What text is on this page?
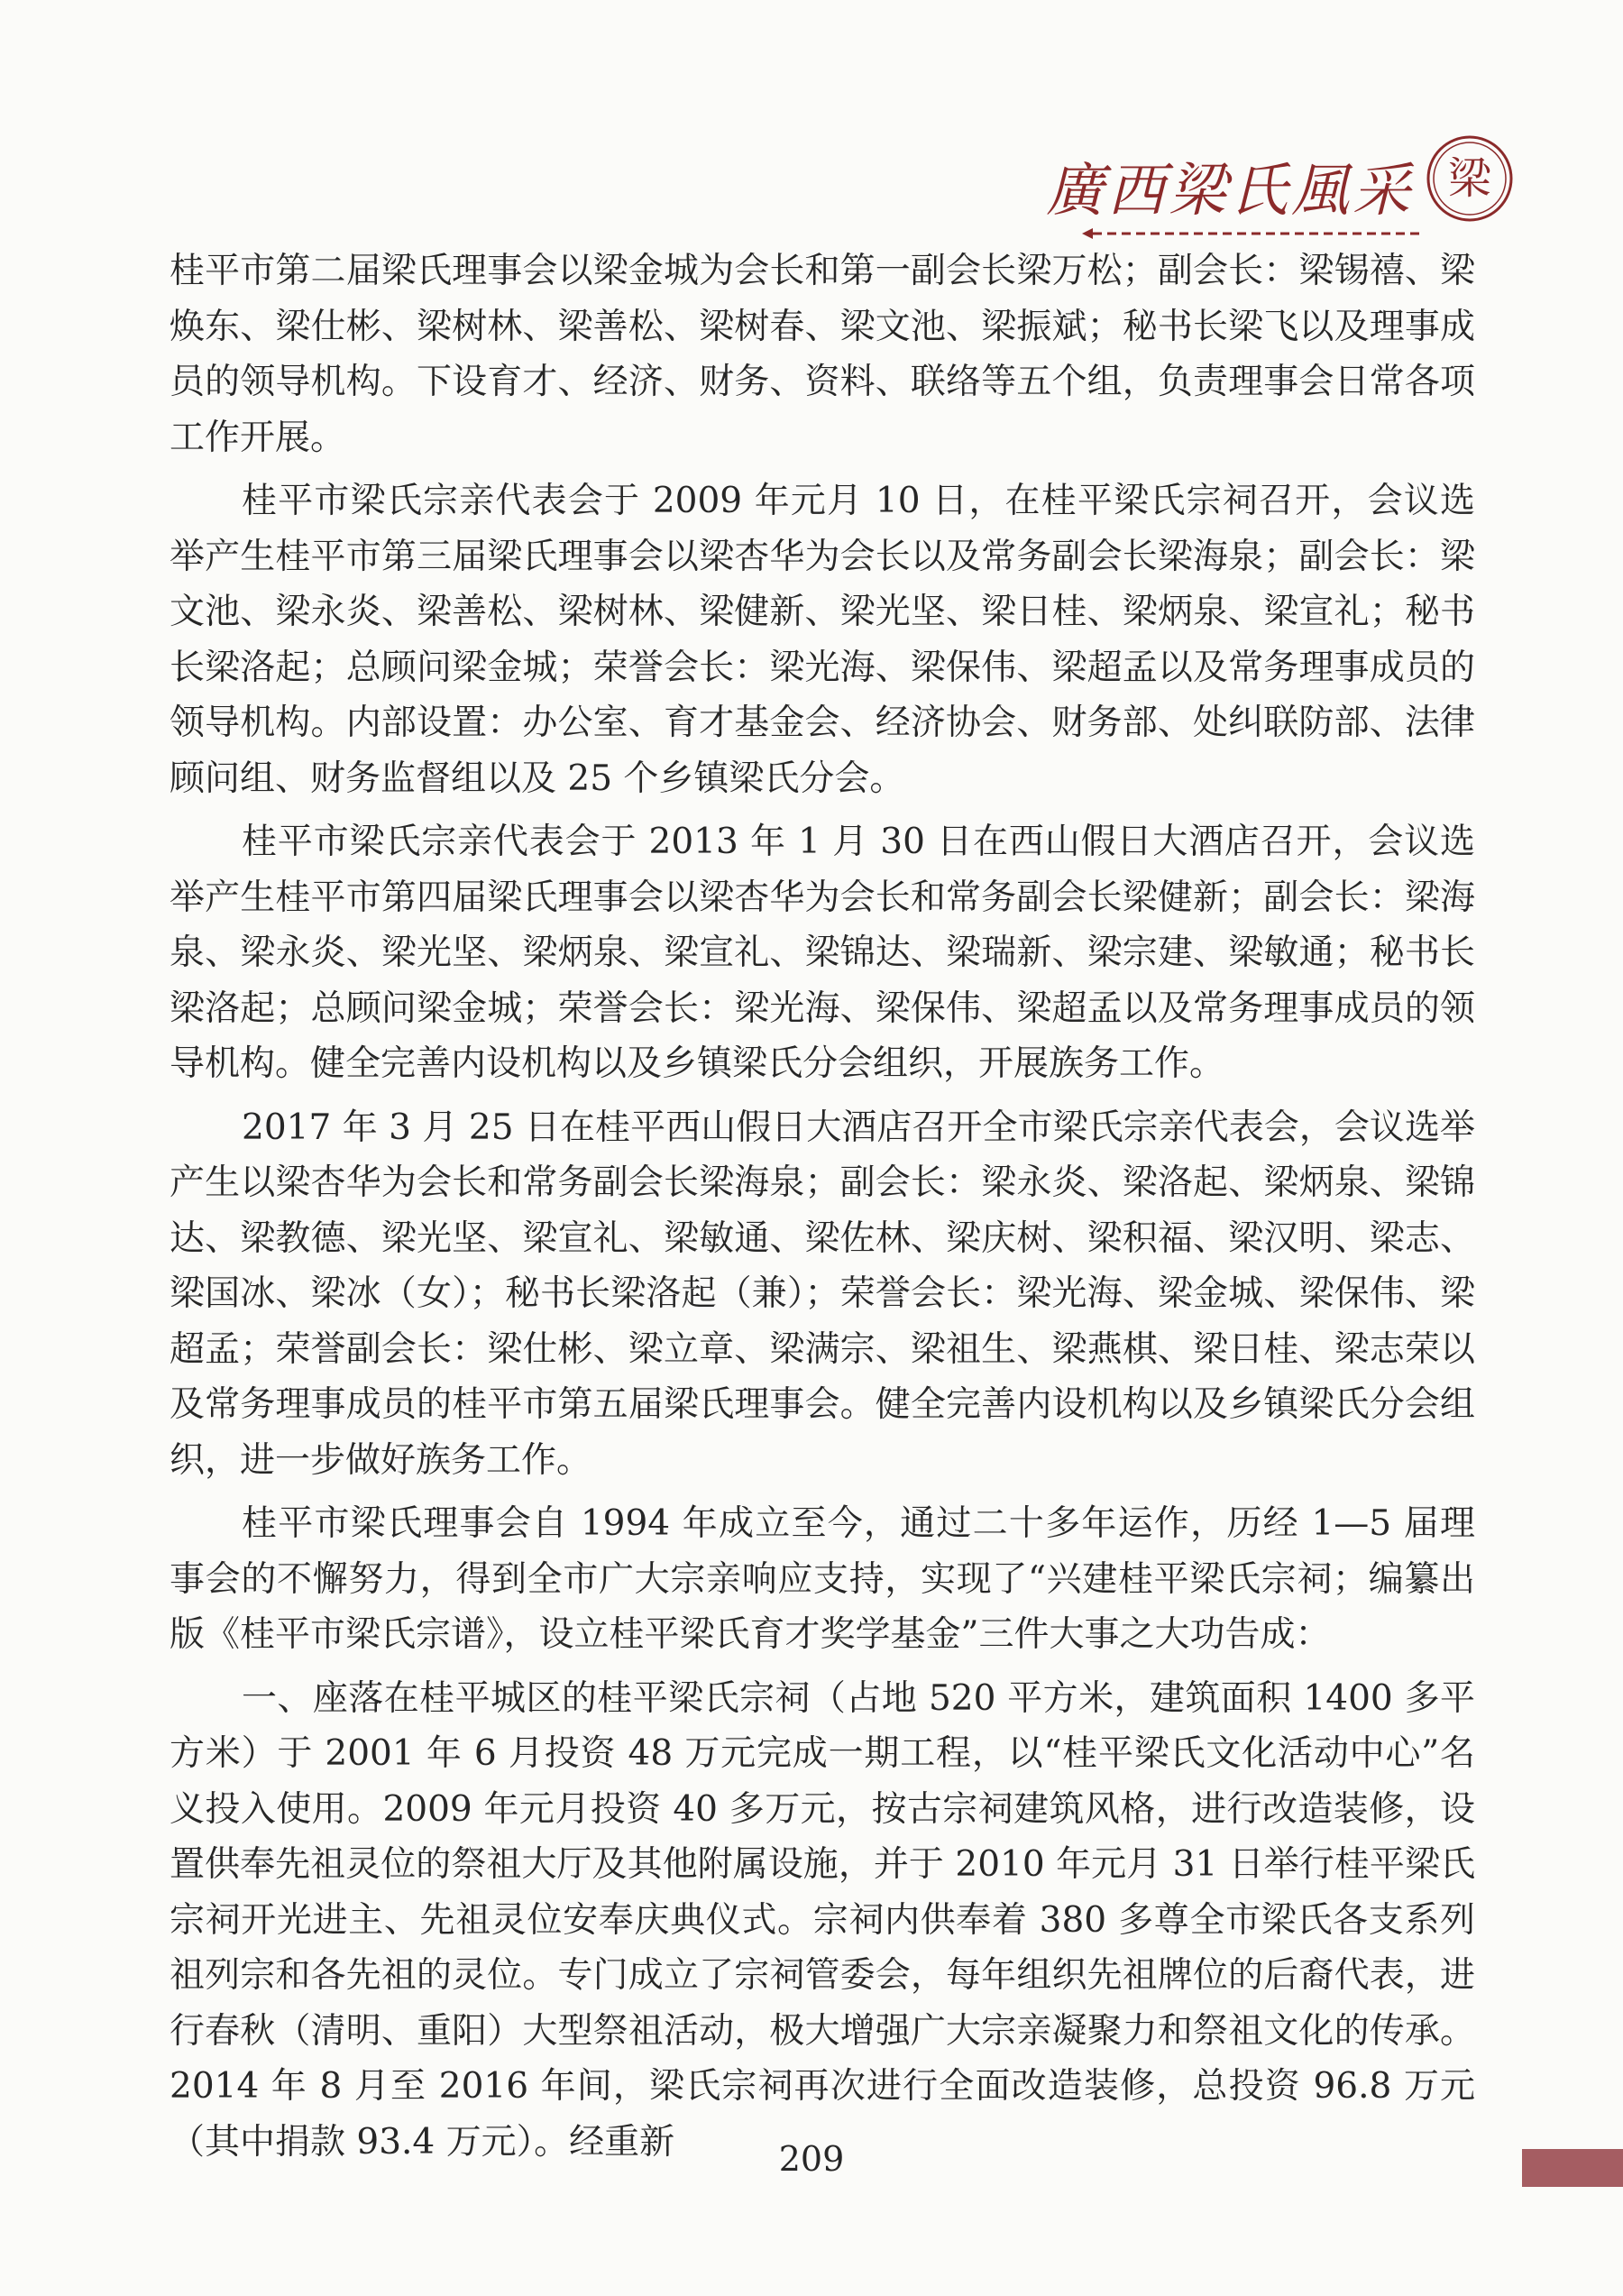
廣西梁氏風采 梁

桂平市第二届梁氏理事会以梁金城为会长和第一副会长梁万松；副会长：梁锡禧、梁焕东、梁仕彬、梁树林、梁善松、梁树春、梁文池、梁振斌；秘书长梁飞以及理事成员的领导机构。下设育才、经济、财务、资料、联络等五个组，负责理事会日常各项工作开展。

桂平市梁氏宗亲代表会于 2009 年元月 10 日，在桂平梁氏宗祠召开，会议选举产生桂平市第三届梁氏理事会以梁杏华为会长以及常务副会长梁海泉；副会长：梁文池、梁永炎、梁善松、梁树林、梁健新、梁光坚、梁日桂、梁炳泉、梁宣礼；秘书长梁洛起；总顾问梁金城；荣誉会长：梁光海、梁保伟、梁超孟以及常务理事成员的领导机构。内部设置：办公室、育才基金会、经济协会、财务部、处纠联防部、法律顾问组、财务监督组以及 25 个乡镇梁氏分会。

桂平市梁氏宗亲代表会于 2013 年 1 月 30 日在西山假日大酒店召开，会议选举产生桂平市第四届梁氏理事会以梁杏华为会长和常务副会长梁健新；副会长：梁海泉、梁永炎、梁光坚、梁炳泉、梁宣礼、梁锦达、梁瑞新、梁宗建、梁敏通；秘书长梁洛起；总顾问梁金城；荣誉会长：梁光海、梁保伟、梁超孟以及常务理事成员的领导机构。健全完善内设机构以及乡镇梁氏分会组织，开展族务工作。

2017 年 3 月 25 日在桂平西山假日大酒店召开全市梁氏宗亲代表会，会议选举产生以梁杏华为会长和常务副会长梁海泉；副会长：梁永炎、梁洛起、梁炳泉、梁锦达、梁教德、梁光坚、梁宣礼、梁敏通、梁佐林、梁庆树、梁积福、梁汉明、梁志、梁国冰、梁冰（女）；秘书长梁洛起（兼）；荣誉会长：梁光海、梁金城、梁保伟、梁超孟；荣誉副会长：梁仕彬、梁立章、梁满宗、梁祖生、梁燕棋、梁日桂、梁志荣以及常务理事成员的桂平市第五届梁氏理事会。健全完善内设机构以及乡镇梁氏分会组织，进一步做好族务工作。

桂平市梁氏理事会自 1994 年成立至今，通过二十多年运作，历经 1—5 届理事会的不懈努力，得到全市广大宗亲响应支持，实现了“兴建桂平梁氏宗祠；编纂出版《桂平市梁氏宗谱》，设立桂平梁氏育才奖学基金”三件大事之大功告成：

一、座落在桂平城区的桂平梁氏宗祠（占地 520 平方米，建筑面积 1400 多平方米）于 2001 年 6 月投资 48 万元完成一期工程，以“桂平梁氏文化活动中心”名义投入使用。2009 年元月投资 40 多万元，按古宗祠建筑风格，进行改造装修，设置供奉先祖灵位的祭祖大厅及其他附属设施，并于 2010 年元月 31 日举行桂平梁氏宗祠开光进主、先祖灵位安奉庆典仪式。宗祠内供奉着 380 多尊全市梁氏各支系列祖列宗和各先祖的灵位。专门成立了宗祠管委会，每年组织先祖牌位的后裔代表，进行春秋（清明、重阳）大型祭祖活动，极大增强广大宗亲凝聚力和祭祖文化的传承。2014 年 8 月至 2016 年间，梁氏宗祠再次进行全面改造装修，总投资 96.8 万元（其中捐款 93.4 万元）。经重新	209
